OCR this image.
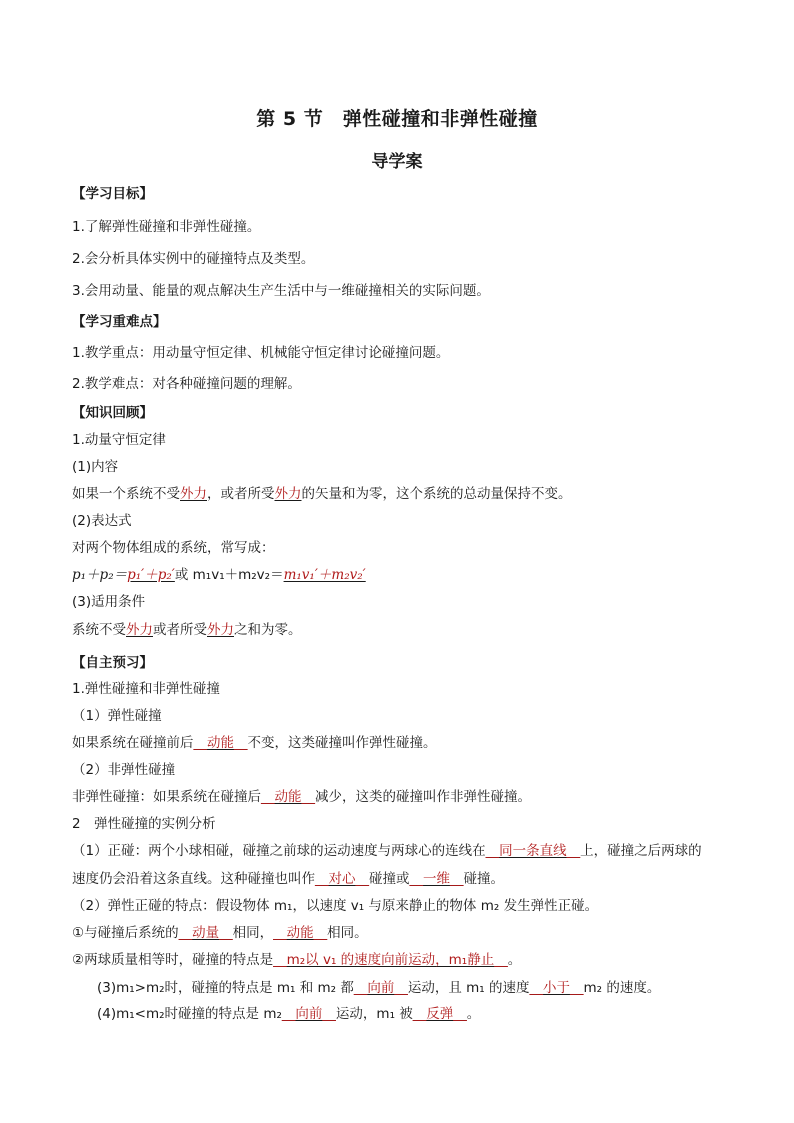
第 5 节　弹性碰撞和非弹性碰撞
导学案
【学习目标】
1.了解弹性碰撞和非弹性碰撞。
2.会分析具体实例中的碰撞特点及类型。
3.会用动量、能量的观点解决生产生活中与一维碰撞相关的实际问题。
【学习重难点】
1.教学重点：用动量守恒定律、机械能守恒定律讨论碰撞问题。
2.教学难点：对各种碰撞问题的理解。
【知识回顾】
1.动量守恒定律
(1)内容
如果一个系统不受外力，或者所受外力的矢量和为零，这个系统的总动量保持不变。
(2)表达式
对两个物体组成的系统，常写成：
p₁＋p₂＝p₁′＋p₂′或 m₁v₁＋m₂v₂＝m₁v₁′＋m₂v₂′
(3)适用条件
系统不受外力或者所受外力之和为零。
【自主预习】
1.弹性碰撞和非弹性碰撞
（1）弹性碰撞
如果系统在碰撞前后__动能__不变，这类碰撞叫作弹性碰撞。
（2）非弹性碰撞
非弹性碰撞：如果系统在碰撞后__动能__减少，这类的碰撞叫作非弹性碰撞。
2　弹性碰撞的实例分析
（1）正碰：两个小球相碰，碰撞之前球的运动速度与两球心的连线在__同一条直线__上，碰撞之后两球的
速度仍会沿着这条直线。这种碰撞也叫作__对心__碰撞或__一维__碰撞。
（2）弹性正碰的特点：假设物体 m₁，以速度 v₁ 与原来静止的物体 m₂ 发生弹性正碰。
①与碰撞后系统的__动量__相同，__动能__相同。
②两球质量相等时，碰撞的特点是__m₂以 v₁ 的速度向前运动，m₁静止__。
(3)m₁>m₂时，碰撞的特点是 m₁ 和 m₂ 都__向前__运动，且 m₁ 的速度__小于__m₂ 的速度。
(4)m₁<m₂时碰撞的特点是 m₂__向前__运动，m₁ 被__反弹__。
